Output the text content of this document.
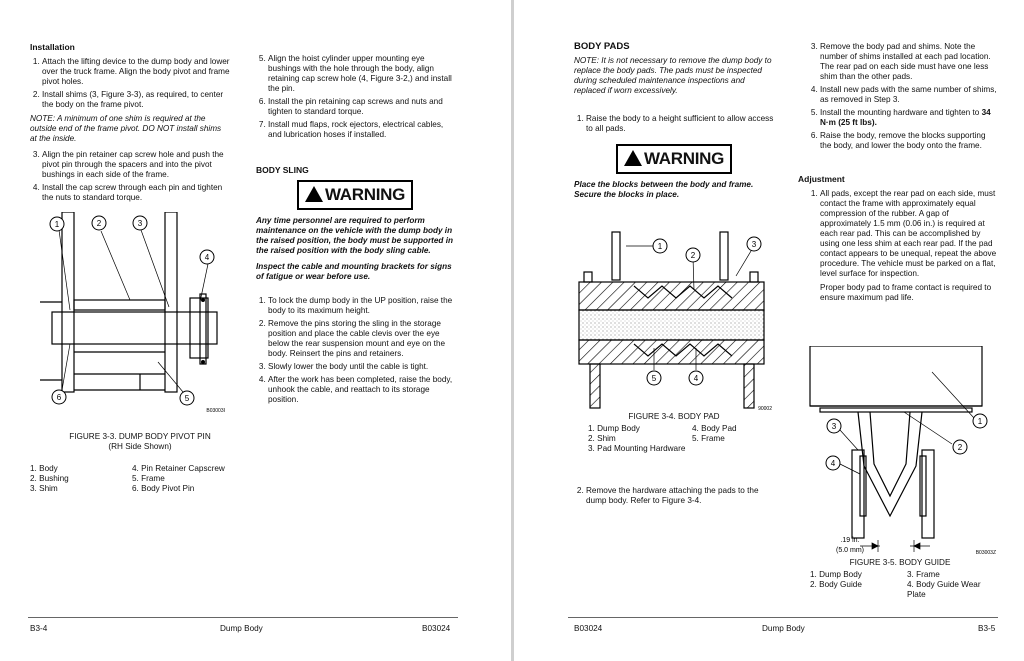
Installation
1. Attach the lifting device to the dump body and lower over the truck frame. Align the body pivot and frame pivot holes.
2. Install shims (3, Figure 3-3), as required, to center the body on the frame pivot.
NOTE: A minimum of one shim is required at the outside end of the frame pivot. DO NOT install shims at the inside.
3. Align the pin retainer cap screw hole and push the pivot pin through the spacers and into the pivot bushings in each side of the frame.
4. Install the cap screw through each pin and tighten the nuts to standard torque.
5. Align the hoist cylinder upper mounting eye bushings with the hole through the body, align retaining cap screw hole (4, Figure 3-2,) and install the pin.
6. Install the pin retaining cap screws and nuts and tighten to standard torque.
7. Install mud flaps, rock ejectors, electrical cables, and lubrication hoses if installed.
BODY SLING
WARNING

Any time personnel are required to perform maintenance on the vehicle with the dump body in the raised position, the body must be supported in the raised position with the body sling cable.

Inspect the cable and mounting brackets for signs of fatigue or wear before use.

1. To lock the dump body in the UP position, raise the body to its maximum height.
2. Remove the pins storing the sling in the storage position and place the cable clevis over the eye below the rear suspension mount and eye on the body. Reinsert the pins and retainers.
3. Slowly lower the body until the cable is tight.
4. After the work has been completed, raise the body, unhook the cable, and reattach to its storage position.
1	2	3
4
5
6
B03003I
FIGURE 3-3. DUMP BODY PIVOT PIN
(RH Side Shown)
1. Body	4. Pin Retainer Capscrew
2. Bushing	5. Frame
3. Shim	6. Body Pivot Pin
B3-4	Dump Body	B03024
BODY PADS
NOTE: It is not necessary to remove the dump body to replace the body pads. The pads must be inspected during scheduled maintenance inspections and replaced if worn excessively.
1. Raise the body to a height sufficient to allow access to all pads.
WARNING

Place the blocks between the body and frame. Secure the blocks in place.

1
2
3
4
5
90002
FIGURE 3-4. BODY PAD
1. Dump Body	4. Body Pad
2. Shim	5. Frame
3. Pad Mounting Hardware
2. Remove the hardware attaching the pads to the dump body. Refer to Figure 3-4.
3. Remove the body pad and shims. Note the number of shims installed at each pad location. The rear pad on each side must have one less shim than the other pads.
4. Install new pads with the same number of shims, as removed in Step 3.
5. Install the mounting hardware and tighten to 34 N·m (25 ft lbs).
6. Raise the body, remove the blocks supporting the body, and lower the body onto the frame.
Adjustment
1. All pads, except the rear pad on each side, must contact the frame with approximately equal compression of the rubber. A gap of approximately 1.5 mm (0.06 in.) is required at each rear pad. This can be accomplished by using one less shim at each rear pad. If the pad contact appears to be unequal, repeat the above procedure. The vehicle must be parked on a flat, level surface for inspection.

Proper body pad to frame contact is required to ensure maximum pad life.

1
2
3
4
.19 in.
(5.0 mm)	B03003Z
FIGURE 3-5. BODY GUIDE
1. Dump Body	3. Frame
2. Body Guide	4. Body Guide Wear Plate
B03024	Dump Body	B3-5
